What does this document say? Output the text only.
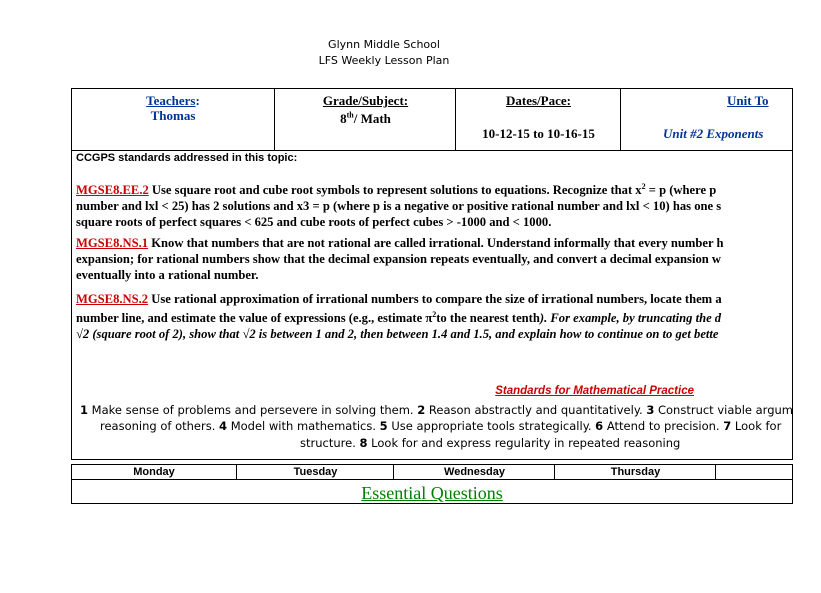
Glynn Middle School
LFS Weekly Lesson Plan
Teachers:
Thomas
Grade/Subject:
8th/ Math
Dates/Pace:
10-12-15 to 10-16-15
Unit To
Unit #2 Exponents
CCGPS standards addressed in this topic:
MGSE8.EE.2 Use square root and cube root symbols to represent solutions to equations. Recognize that $x^2 = p$ (where p
number and lxl < 25) has 2 solutions and x3 = p (where p is a negative or positive rational number and lxl < 10) has one s
square roots of perfect squares < 625 and cube roots of perfect cubes > -1000 and < 1000.
MGSE8.NS.1 Know that numbers that are not rational are called irrational. Understand informally that every number h
expansion; for rational numbers show that the decimal expansion repeats eventually, and convert a decimal expansion w
eventually into a rational number.
MGSE8.NS.2 Use rational approximation of irrational numbers to compare the size of irrational numbers, locate them a
number line, and estimate the value of expressions (e.g., estimate $\pi^2to$ the nearest tenth). For example, by truncating the d
√2 (square root of 2), show that √2 is between 1 and 2, then between 1.4 and 1.5, and explain how to continue on to get bette
Standards for Mathematical Practice
1 Make sense of problems and persevere in solving them. 2 Reason abstractly and quantitatively. 3 Construct viable argum
reasoning of others. 4 Model with mathematics. 5 Use appropriate tools strategically. 6 Attend to precision. 7 Look for
structure. 8 Look for and express regularity in repeated reasoning
Monday	Tuesday	Wednesday	Thursday
Essential Questions
